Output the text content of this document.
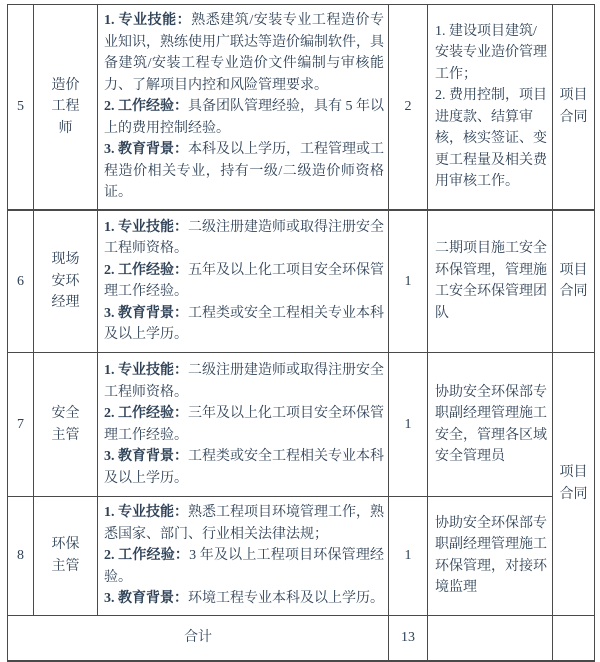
5	造价工程师	
1. 专业技能：熟悉建筑/安装专业工程造价专业知识，熟练使用广联达等造价编制软件，具备建筑/安装工程专业造价文件编制与审核能力、了解项目内控和风险管理要求。
2. 工作经验：具备团队管理经验，具有 5 年以上的费用控制经验。
3. 教育背景：本科及以上学历，工程管理或工程造价相关专业，持有一级/二级造价师资格证。
	2	
1. 建设项目建筑/安装专业造价管理工作；
2. 费用控制，项目进度款、结算审核，核实签证、变更工程量及相关费用审核工作。
	项目合同
6	现场安环经理	1. 专业技能：二级注册建造师或取得注册安全工程师资格。
2. 工作经验：五年及以上化工项目安全环保管理工作经验。
3. 教育背景：工程类或安全工程相关专业本科及以上学历。	1	二期项目施工安全环保管理，管理施工安全环保管理团队	项目合同
7	安全主管	1. 专业技能：二级注册建造师或取得注册安全工程师资格。
2. 工作经验：三年及以上化工项目安全环保管理工作经验。
3. 教育背景：工程类或安全工程相关专业本科及以上学历。	1	协助安全环保部专职副经理管理施工安全，管理各区域安全管理员	项目合同
8	环保主管	1. 专业技能：熟悉工程项目环境管理工作，熟悉国家、部门、行业相关法律法规；
2. 工作经验：3 年及以上工程项目环保管理经验。
3. 教育背景：环境工程专业本科及以上学历。	1	协助安全环保部专职副经理管理施工环保管理，对接环境监理	

合计			13		
